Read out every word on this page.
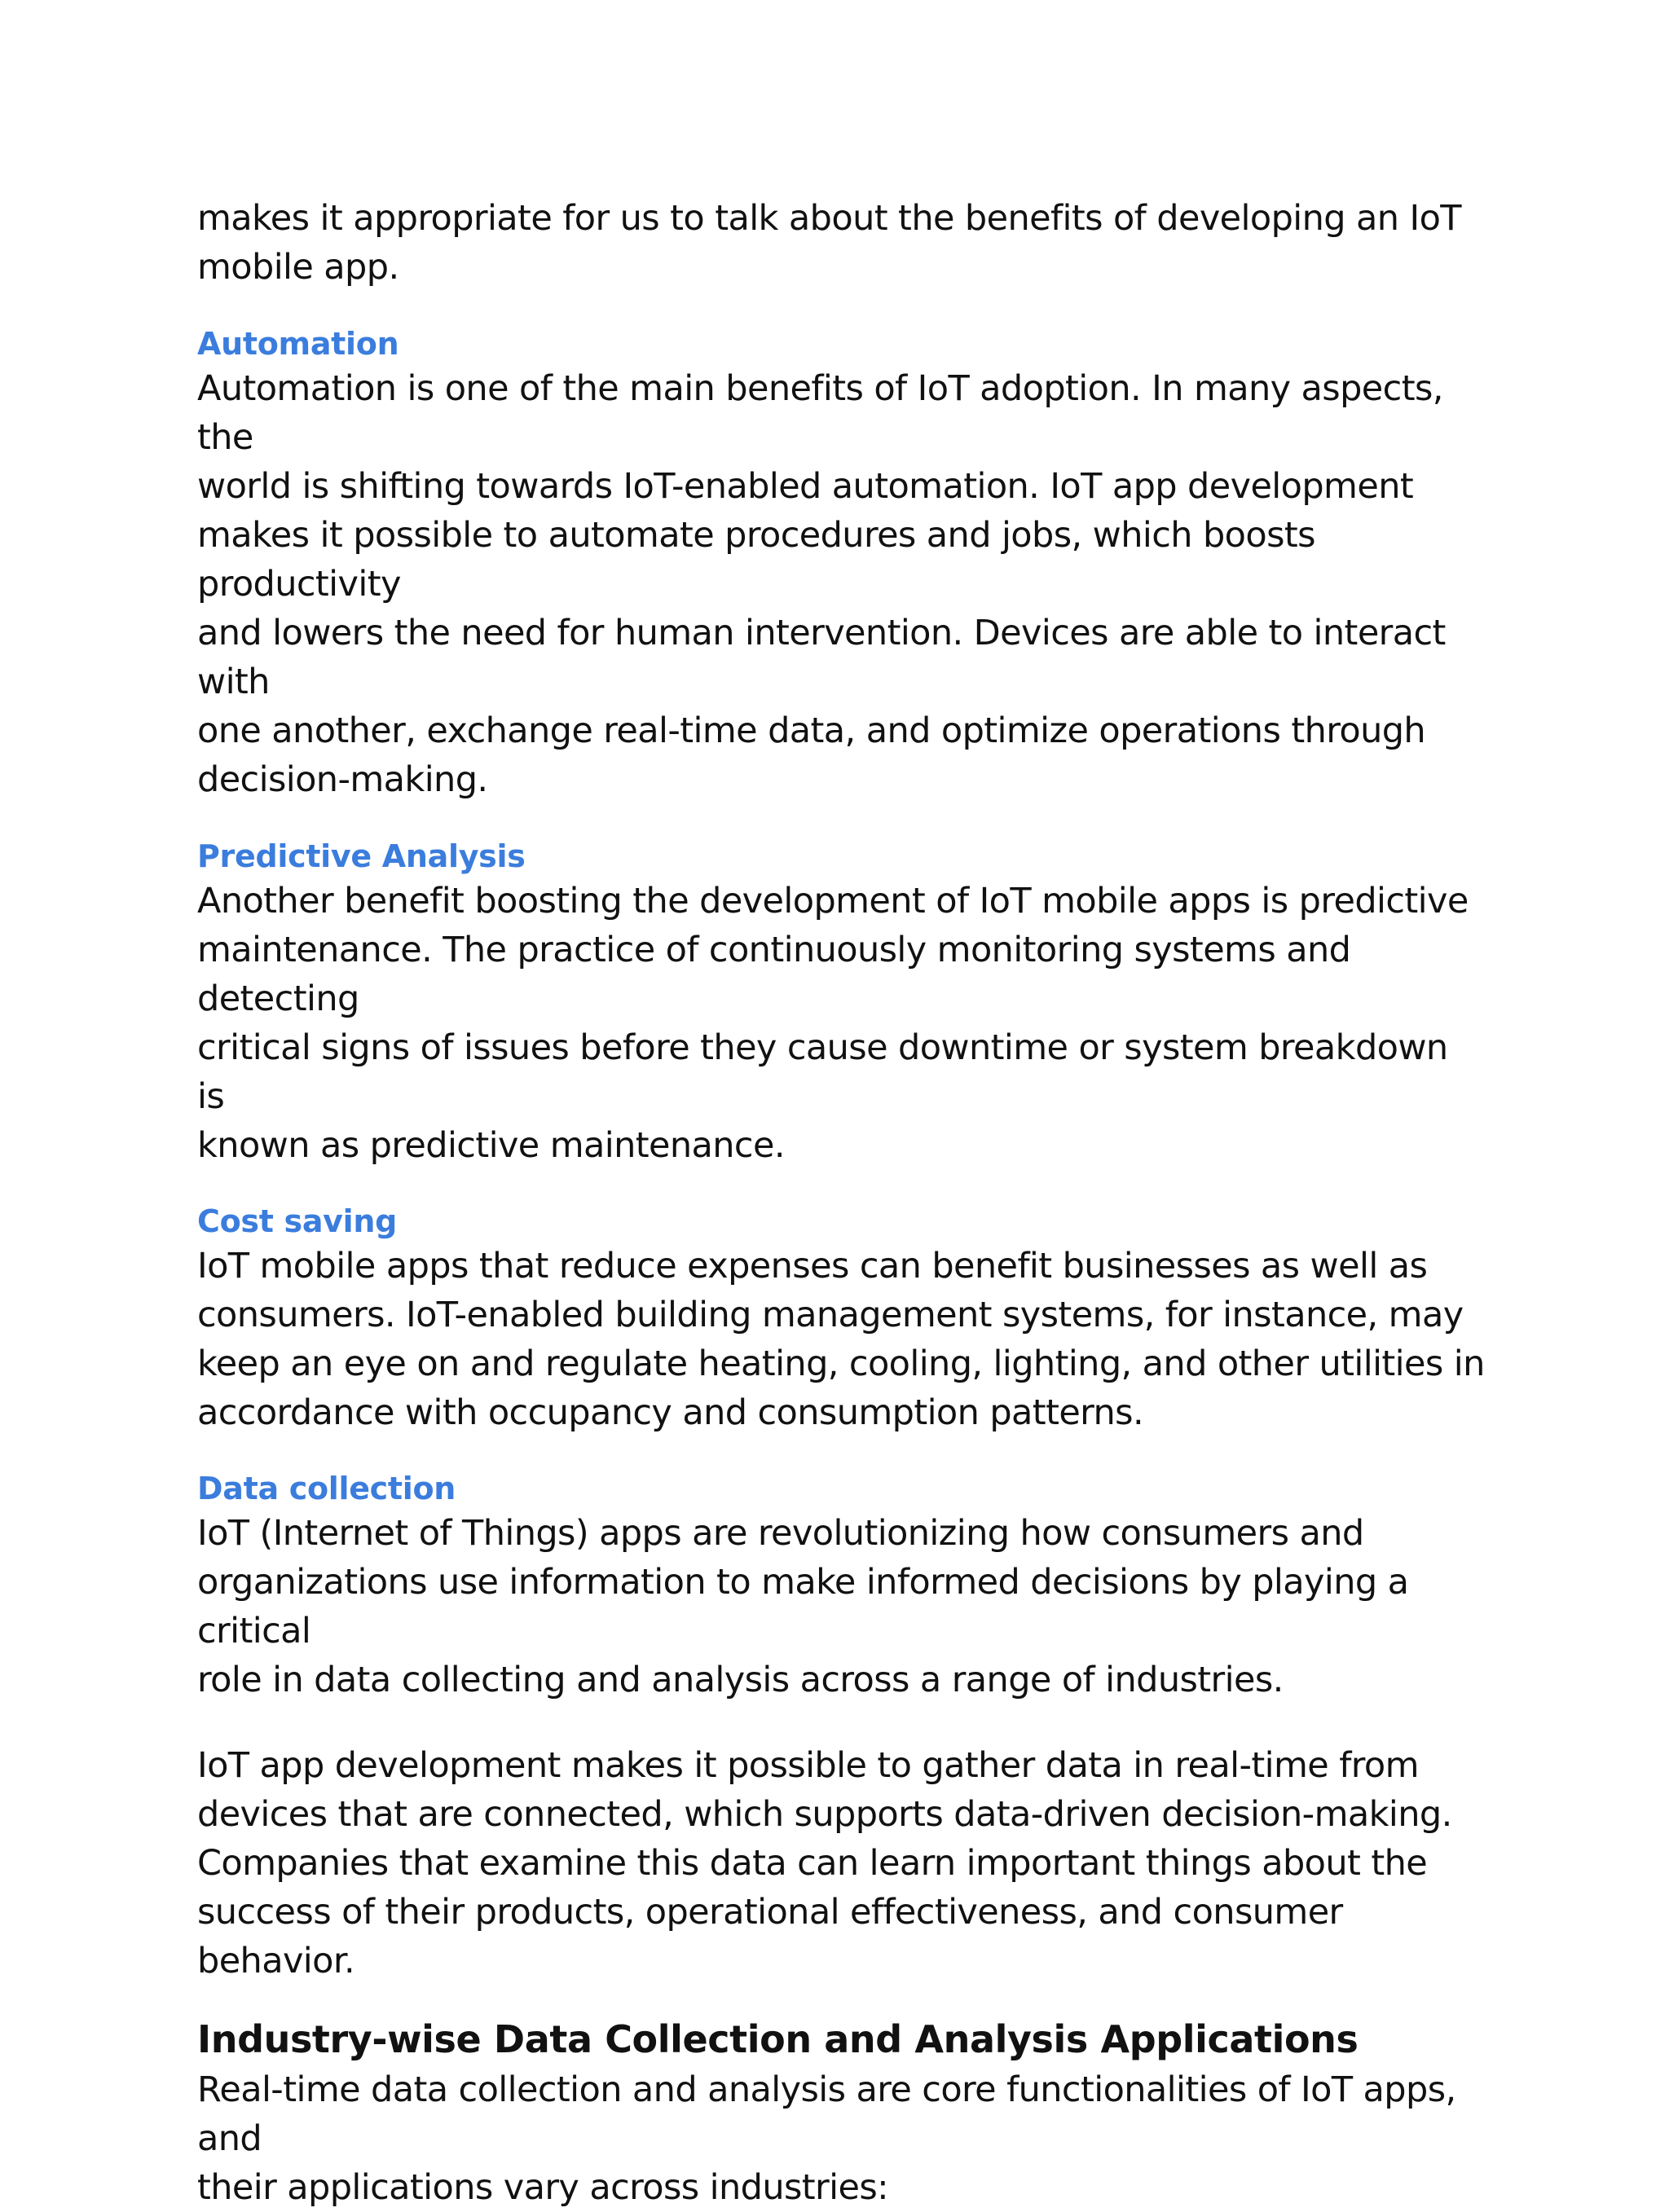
makes it appropriate for us to talk about the benefits of developing an IoT
mobile app.

Automation

Automation is one of the main benefits of IoT adoption. In many aspects, the
world is shifting towards IoT-enabled automation. IoT app development
makes it possible to automate procedures and jobs, which boosts productivity
and lowers the need for human intervention. Devices are able to interact with
one another, exchange real-time data, and optimize operations through
decision-making.

Predictive Analysis

Another benefit boosting the development of IoT mobile apps is predictive
maintenance. The practice of continuously monitoring systems and detecting
critical signs of issues before they cause downtime or system breakdown is
known as predictive maintenance.

Cost saving

IoT mobile apps that reduce expenses can benefit businesses as well as
consumers. IoT-enabled building management systems, for instance, may
keep an eye on and regulate heating, cooling, lighting, and other utilities in
accordance with occupancy and consumption patterns.

Data collection

IoT (Internet of Things) apps are revolutionizing how consumers and
organizations use information to make informed decisions by playing a critical
role in data collecting and analysis across a range of industries.

IoT app development makes it possible to gather data in real-time from
devices that are connected, which supports data-driven decision-making.
Companies that examine this data can learn important things about the
success of their products, operational effectiveness, and consumer behavior.

Industry-wise Data Collection and Analysis Applications

Real-time data collection and analysis are core functionalities of IoT apps, and
their applications vary across industries:
